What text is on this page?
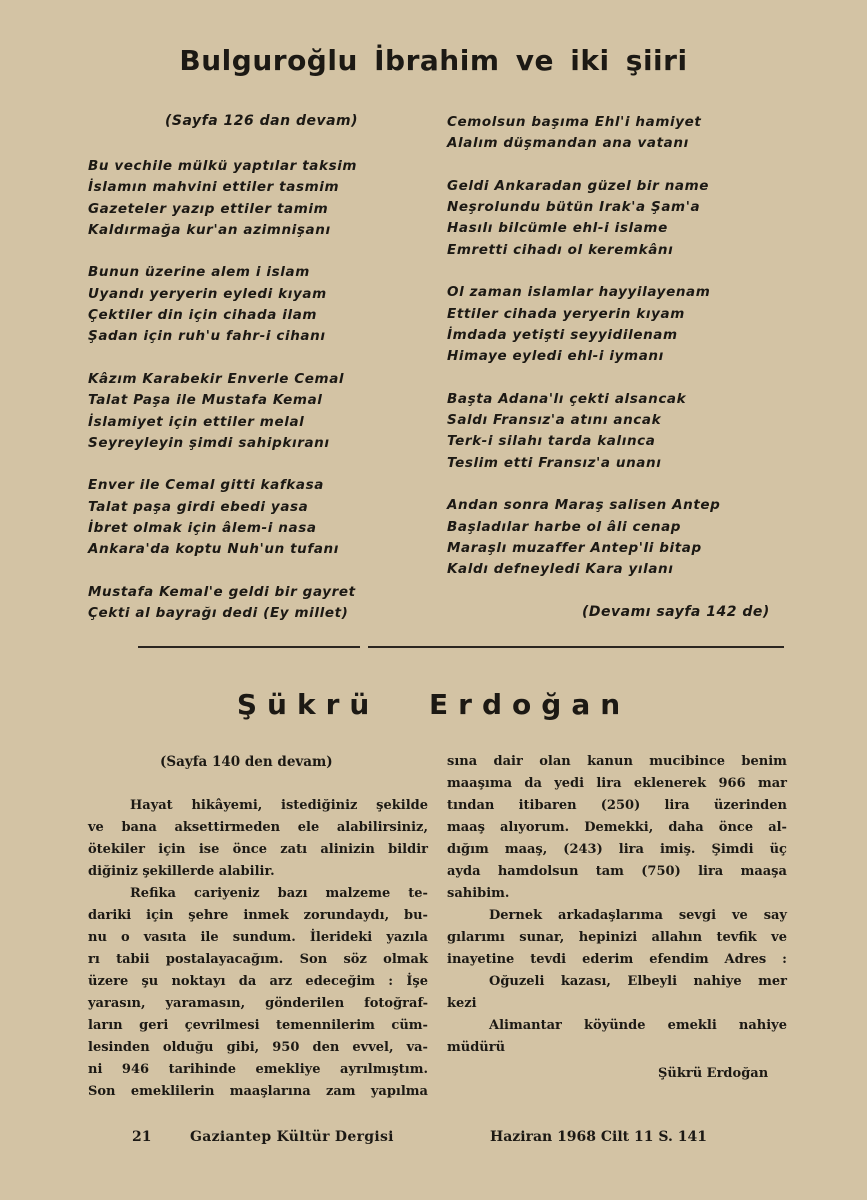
Bulguroğlu İbrahim ve iki şiiri
(Sayfa 126 dan devam)
Bu vechile mülkü yaptılar taksim
İslamın mahvini ettiler tasmim
Gazeteler yazıp ettiler tamim
Kaldırmağa kur'an azimnişanı
Bunun üzerine alem i islam
Uyandı yeryerin eyledi kıyam
Çektiler din için cihada ilam
Şadan için ruh'u fahr-i cihanı
Kâzım Karabekir Enverle Cemal
Talat Paşa ile Mustafa Kemal
İslamiyet için ettiler melal
Seyreyleyin şimdi sahipkıranı
Enver ile Cemal gitti kafkasa
Talat paşa girdi ebedi yasa
İbret olmak için âlem-i nasa
Ankara'da koptu Nuh'un tufanı
Mustafa Kemal'e geldi bir gayret
Çekti al bayrağı dedi (Ey millet)
Cemolsun başıma Ehl'i hamiyet
Alalım düşmandan ana vatanı
Geldi Ankaradan güzel bir name
Neşrolundu bütün Irak'a Şam'a
Hasılı bilcümle ehl-i islame
Emretti cihadı ol keremkânı
Ol zaman islamlar hayyilayenam
Ettiler cihada yeryerin kıyam
İmdada yetişti seyyidilenam
Himaye eyledi ehl-i iymanı
Başta Adana'lı çekti alsancak
Saldı Fransız'a atını ancak
Terk-i silahı tarda kalınca
Teslim etti Fransız'a unanı
Andan sonra Maraş salisen Antep
Başladılar harbe ol âli cenap
Maraşlı muzaffer Antep'li bitap
Kaldı defneyledi Kara yılanı
(Devamı sayfa 142 de)
Şükrü Erdoğan
(Sayfa 140 den devam)
Hayat hikâyemi, istediğiniz şekilde
ve bana aksettirmeden ele alabilirsiniz,
ötekiler için ise önce zatı alinizin bildir
diğiniz şekillerde alabilir.
Refika cariyeniz bazı malzeme te-
dariki için şehre inmek zorundaydı, bu-
nu o vasıta ile sundum. İlerideki yazıla
rı tabii postalayacağım. Son söz olmak
üzere şu noktayı da arz edeceğim : İşe
yarasın, yaramasın, gönderilen fotoğraf-
ların geri çevrilmesi temennilerim cüm-
lesinden olduğu gibi, 950 den evvel, va-
ni 946 tarihinde emekliye ayrılmıştım.
Son emeklilerin maaşlarına zam yapılma
sına dair olan kanun mucibince benim
maaşıma da yedi lira eklenerek 966 mar
tından itibaren (250) lira üzerinden
maaş alıyorum. Demekki, daha önce al-
dığım maaş, (243) lira imiş. Şimdi üç
ayda hamdolsun tam (750) lira maaşa
sahibim.
Dernek arkadaşlarıma sevgi ve say
gılarımı sunar, hepinizi allahın tevfik ve
inayetine tevdi ederim efendim Adres :
Oğuzeli kazası, Elbeyli nahiye mer
kezi
Alimantar köyünde emekli nahiye
müdürü
Şükrü Erdoğan
21	Gaziantep Kültür Dergisi	Haziran 1968 Cilt 11 S. 141
